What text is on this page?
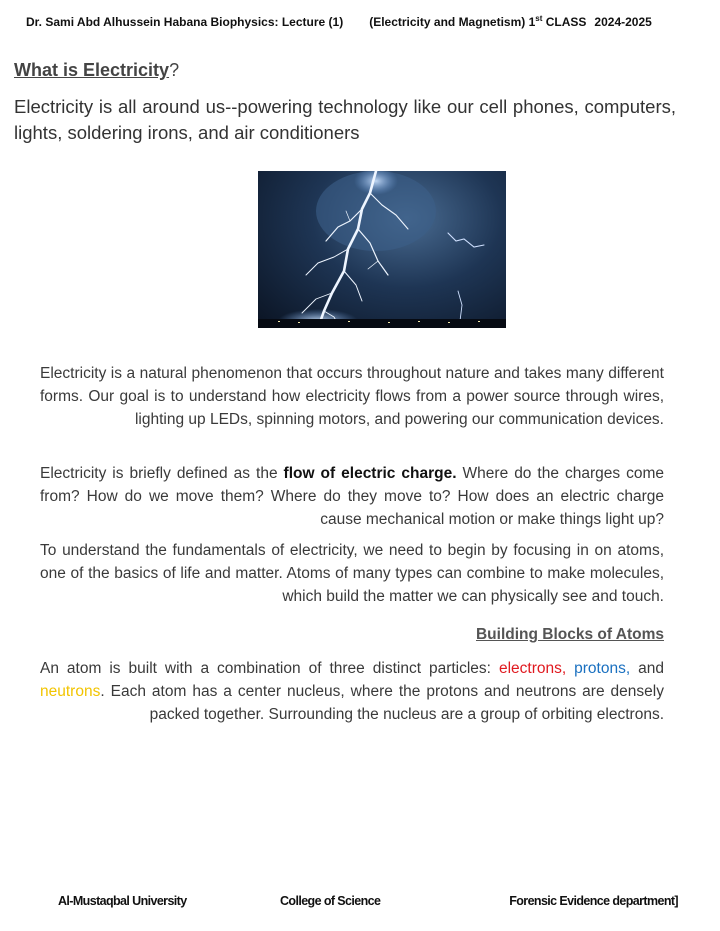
Dr. Sami Abd Alhussein Habana Biophysics: Lecture (1) (Electricity and Magnetism) 1st CLASS 2024-2025
What is Electricity?
Electricity is all around us--powering technology like our cell phones, computers, lights, soldering irons, and air conditioners
Electricity is a natural phenomenon that occurs throughout nature and takes many different forms. Our goal is to understand how electricity flows from a power source through wires, lighting up LEDs, spinning motors, and powering our communication devices.
Electricity is briefly defined as the flow of electric charge. Where do the charges come from? How do we move them? Where do they move to? How does an electric charge cause mechanical motion or make things light up?
To understand the fundamentals of electricity, we need to begin by focusing in on atoms, one of the basics of life and matter. Atoms of many types can combine to make molecules, which build the matter we can physically see and touch.
Building Blocks of Atoms
An atom is built with a combination of three distinct particles: electrons, protons, and neutrons. Each atom has a center nucleus, where the protons and neutrons are densely packed together. Surrounding the nucleus are a group of orbiting electrons.
Al-Mustaqbal University	College of Science	Forensic Evidence department]
